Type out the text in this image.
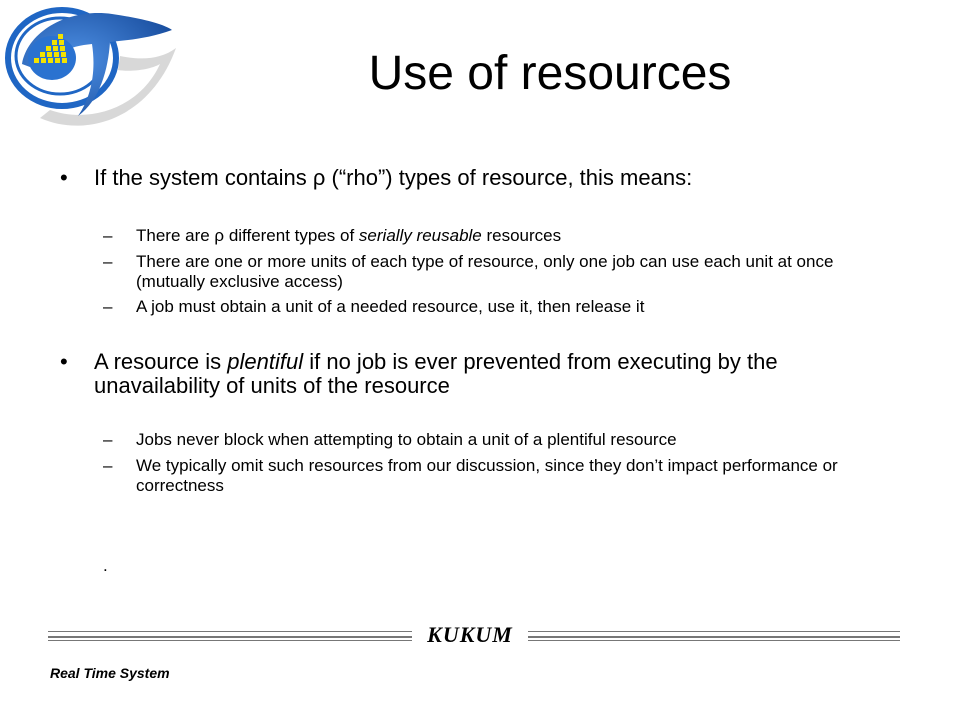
Use of resources
•	If the system contains ρ (“rho”) types of resource, this means:
– There are ρ different types of serially reusable resources
– There are one or more units of each type of resource, only one job can use each unit at once (mutually exclusive access)
– A job must obtain a unit of a needed resource, use it, then release it
•	A resource is plentiful if no job is ever prevented from executing by the unavailability of units of the resource
– Jobs never block when attempting to obtain a unit of a plentiful resource
– We typically omit such resources from our discussion, since they don’t impact performance or correctness
.
KUKUM
Real Time System
